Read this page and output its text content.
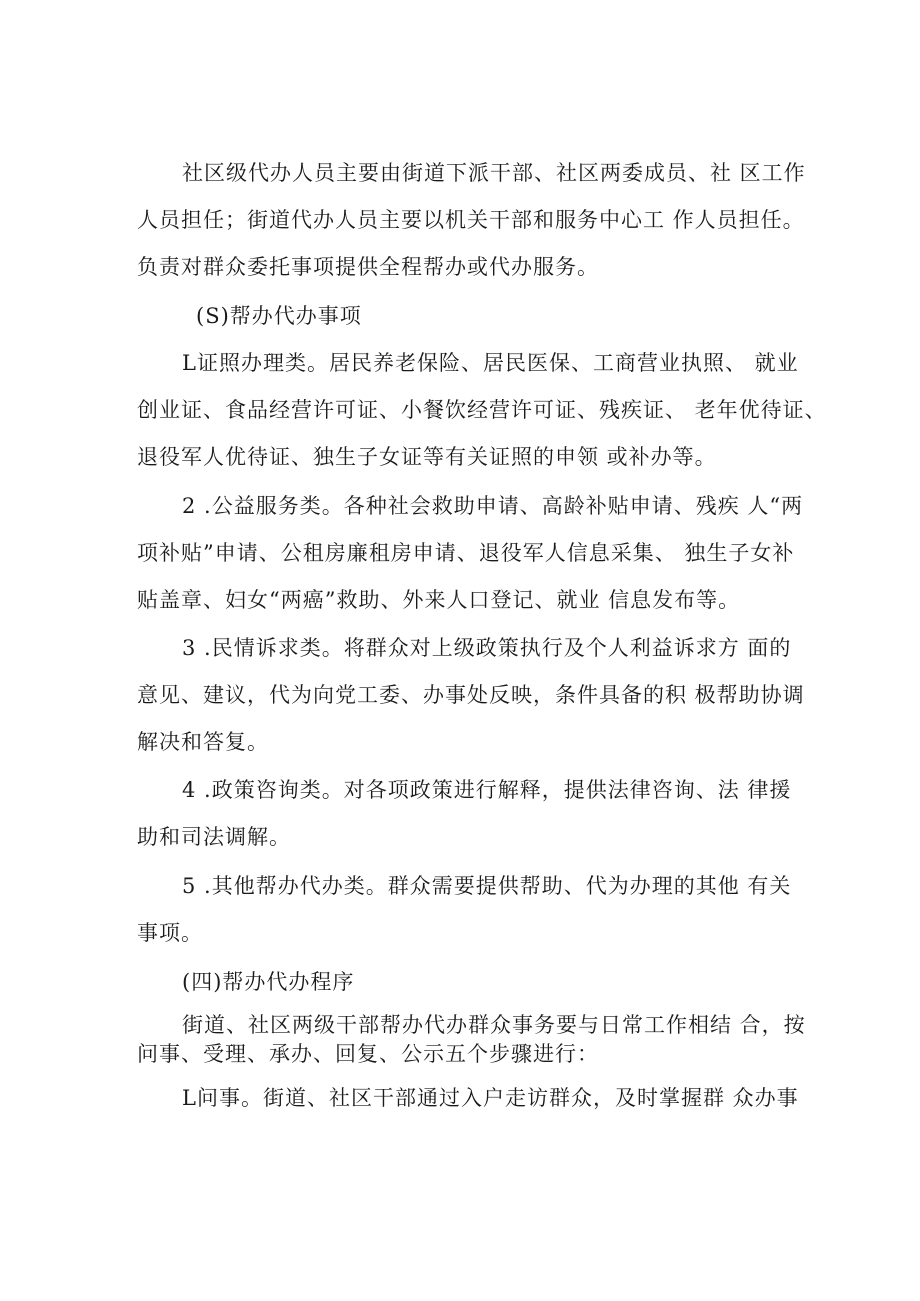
社区级代办人员主要由街道下派干部、社区两委成员、社 区工作
人员担任；街道代办人员主要以机关干部和服务中心工 作人员担任。
负责对群众委托事项提供全程帮办或代办服务。
(S)帮办代办事项
L证照办理类。居民养老保险、居民医保、工商营业执照、 就业
创业证、食品经营许可证、小餐饮经营许可证、残疾证、 老年优待证、
退役军人优待证、独生子女证等有关证照的申领 或补办等。
2 .公益服务类。各种社会救助申请、高龄补贴申请、残疾 人“两
项补贴”申请、公租房廉租房申请、退役军人信息采集、 独生子女补
贴盖章、妇女“两癌”救助、外来人口登记、就业 信息发布等。
3 .民情诉求类。将群众对上级政策执行及个人利益诉求方 面的
意见、建议，代为向党工委、办事处反映，条件具备的积 极帮助协调
解决和答复。
4 .政策咨询类。对各项政策进行解释，提供法律咨询、法 律援
助和司法调解。
5 .其他帮办代办类。群众需要提供帮助、代为办理的其他 有关
事项。
(四)帮办代办程序
街道、社区两级干部帮办代办群众事务要与日常工作相结 合，按
问事、受理、承办、回复、公示五个步骤进行：
L问事。街道、社区干部通过入户走访群众，及时掌握群 众办事
